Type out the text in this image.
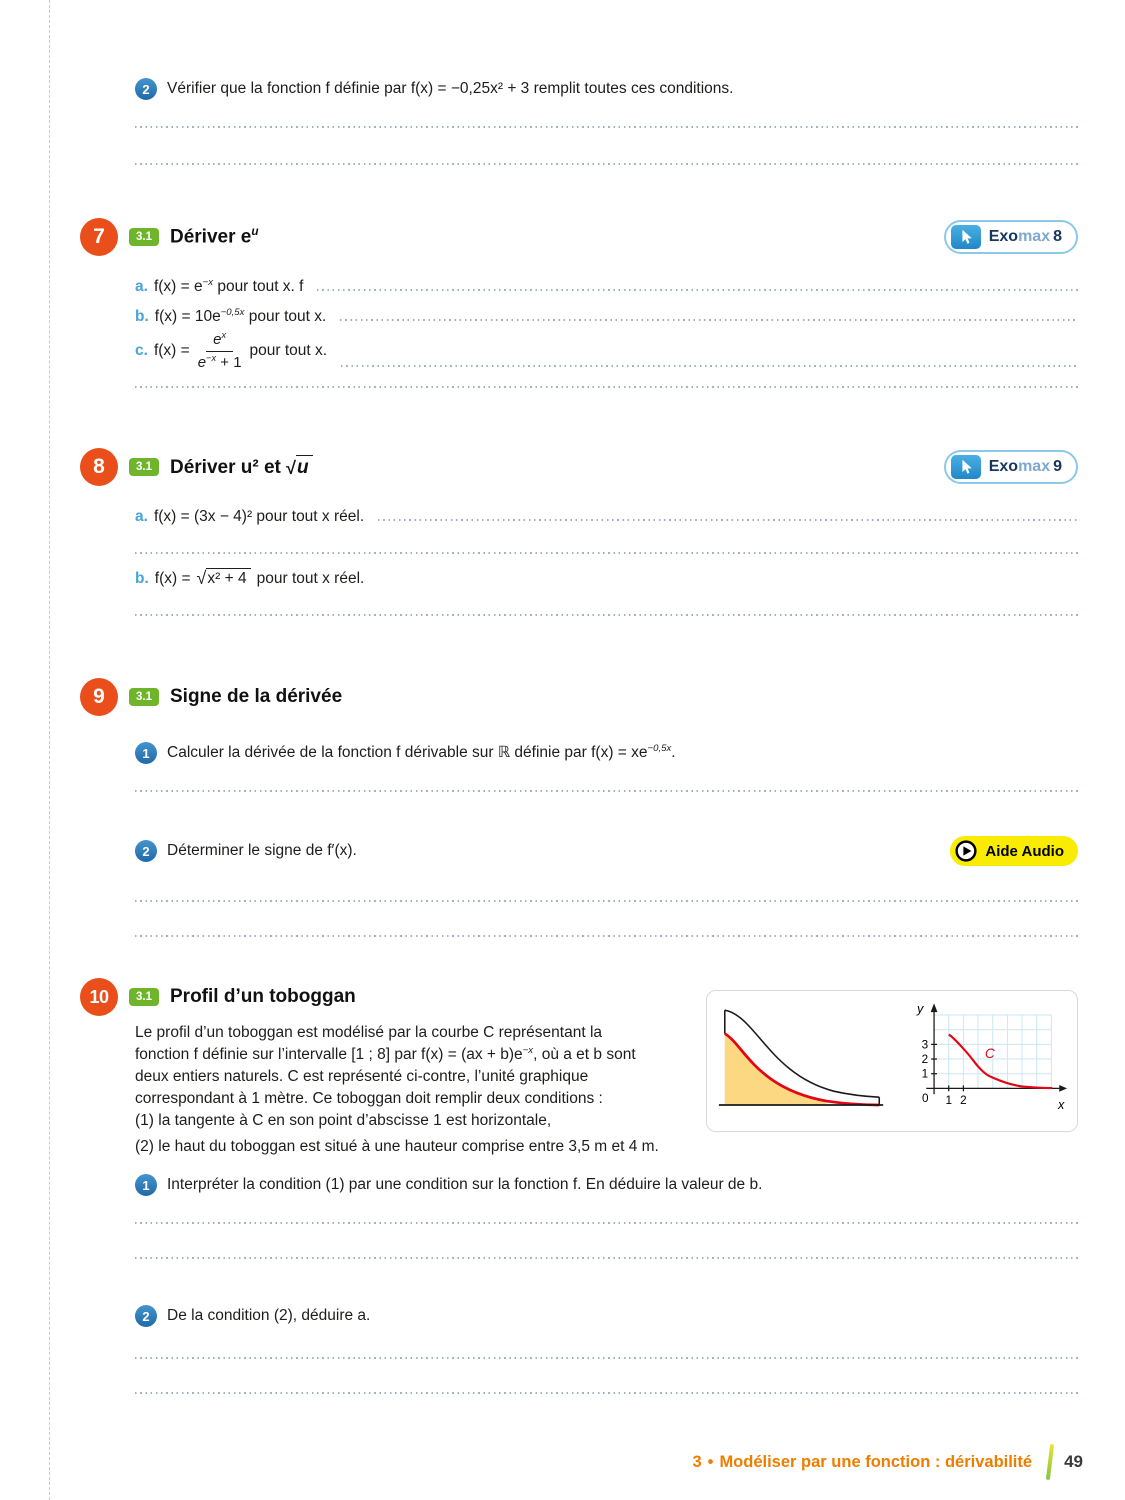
2	Vérifier que la fonction f définie par f(x) = −0,25x² + 3 remplit toutes ces conditions.
7	3.1 Dériver $e^u$	Exomax 8
a. $f(x) = e^{-x}$ pour tout x. f
b. $f(x) = 10e^{-0,5x}$ pour tout x.
c. $f(x) = \frac{e^x}{e^{-x} + 1}$ pour tout x.
8	3.1 Dériver u² et √ u	Exomax 9
a. f(x) = (3x − 4)² pour tout x réel.
b. f(x) = √ x² + 4 pour tout x réel.
9	3.1 Signe de la dérivée
1	Calculer la dérivée de la fonction f dérivable sur ℝ définie par $f(x) = xe^{-0,5x}$.
2	Déterminer le signe de f′(x).	Aide Audio
10	3.1 Profil d’un toboggan
3
2
1
1 2
0
y
x
C
Le profil d’un toboggan est modélisé par la courbe C représentant la fonction f définie sur l’intervalle [1 ; 8] par $f(x) = (ax + b)e^{-x}$, où a et b sont deux entiers naturels. C est représenté ci-contre, l’unité graphique correspondant à 1 mètre. Ce toboggan doit remplir deux conditions :
(1) la tangente à C en son point d’abscisse 1 est horizontale,
(2) le haut du toboggan est situé à une hauteur comprise entre 3,5 m et 4 m.
1	Interpréter la condition (1) par une condition sur la fonction f. En déduire la valeur de b.
2	De la condition (2), déduire a.
3 • Modéliser par une fonction : dérivabilité 49
